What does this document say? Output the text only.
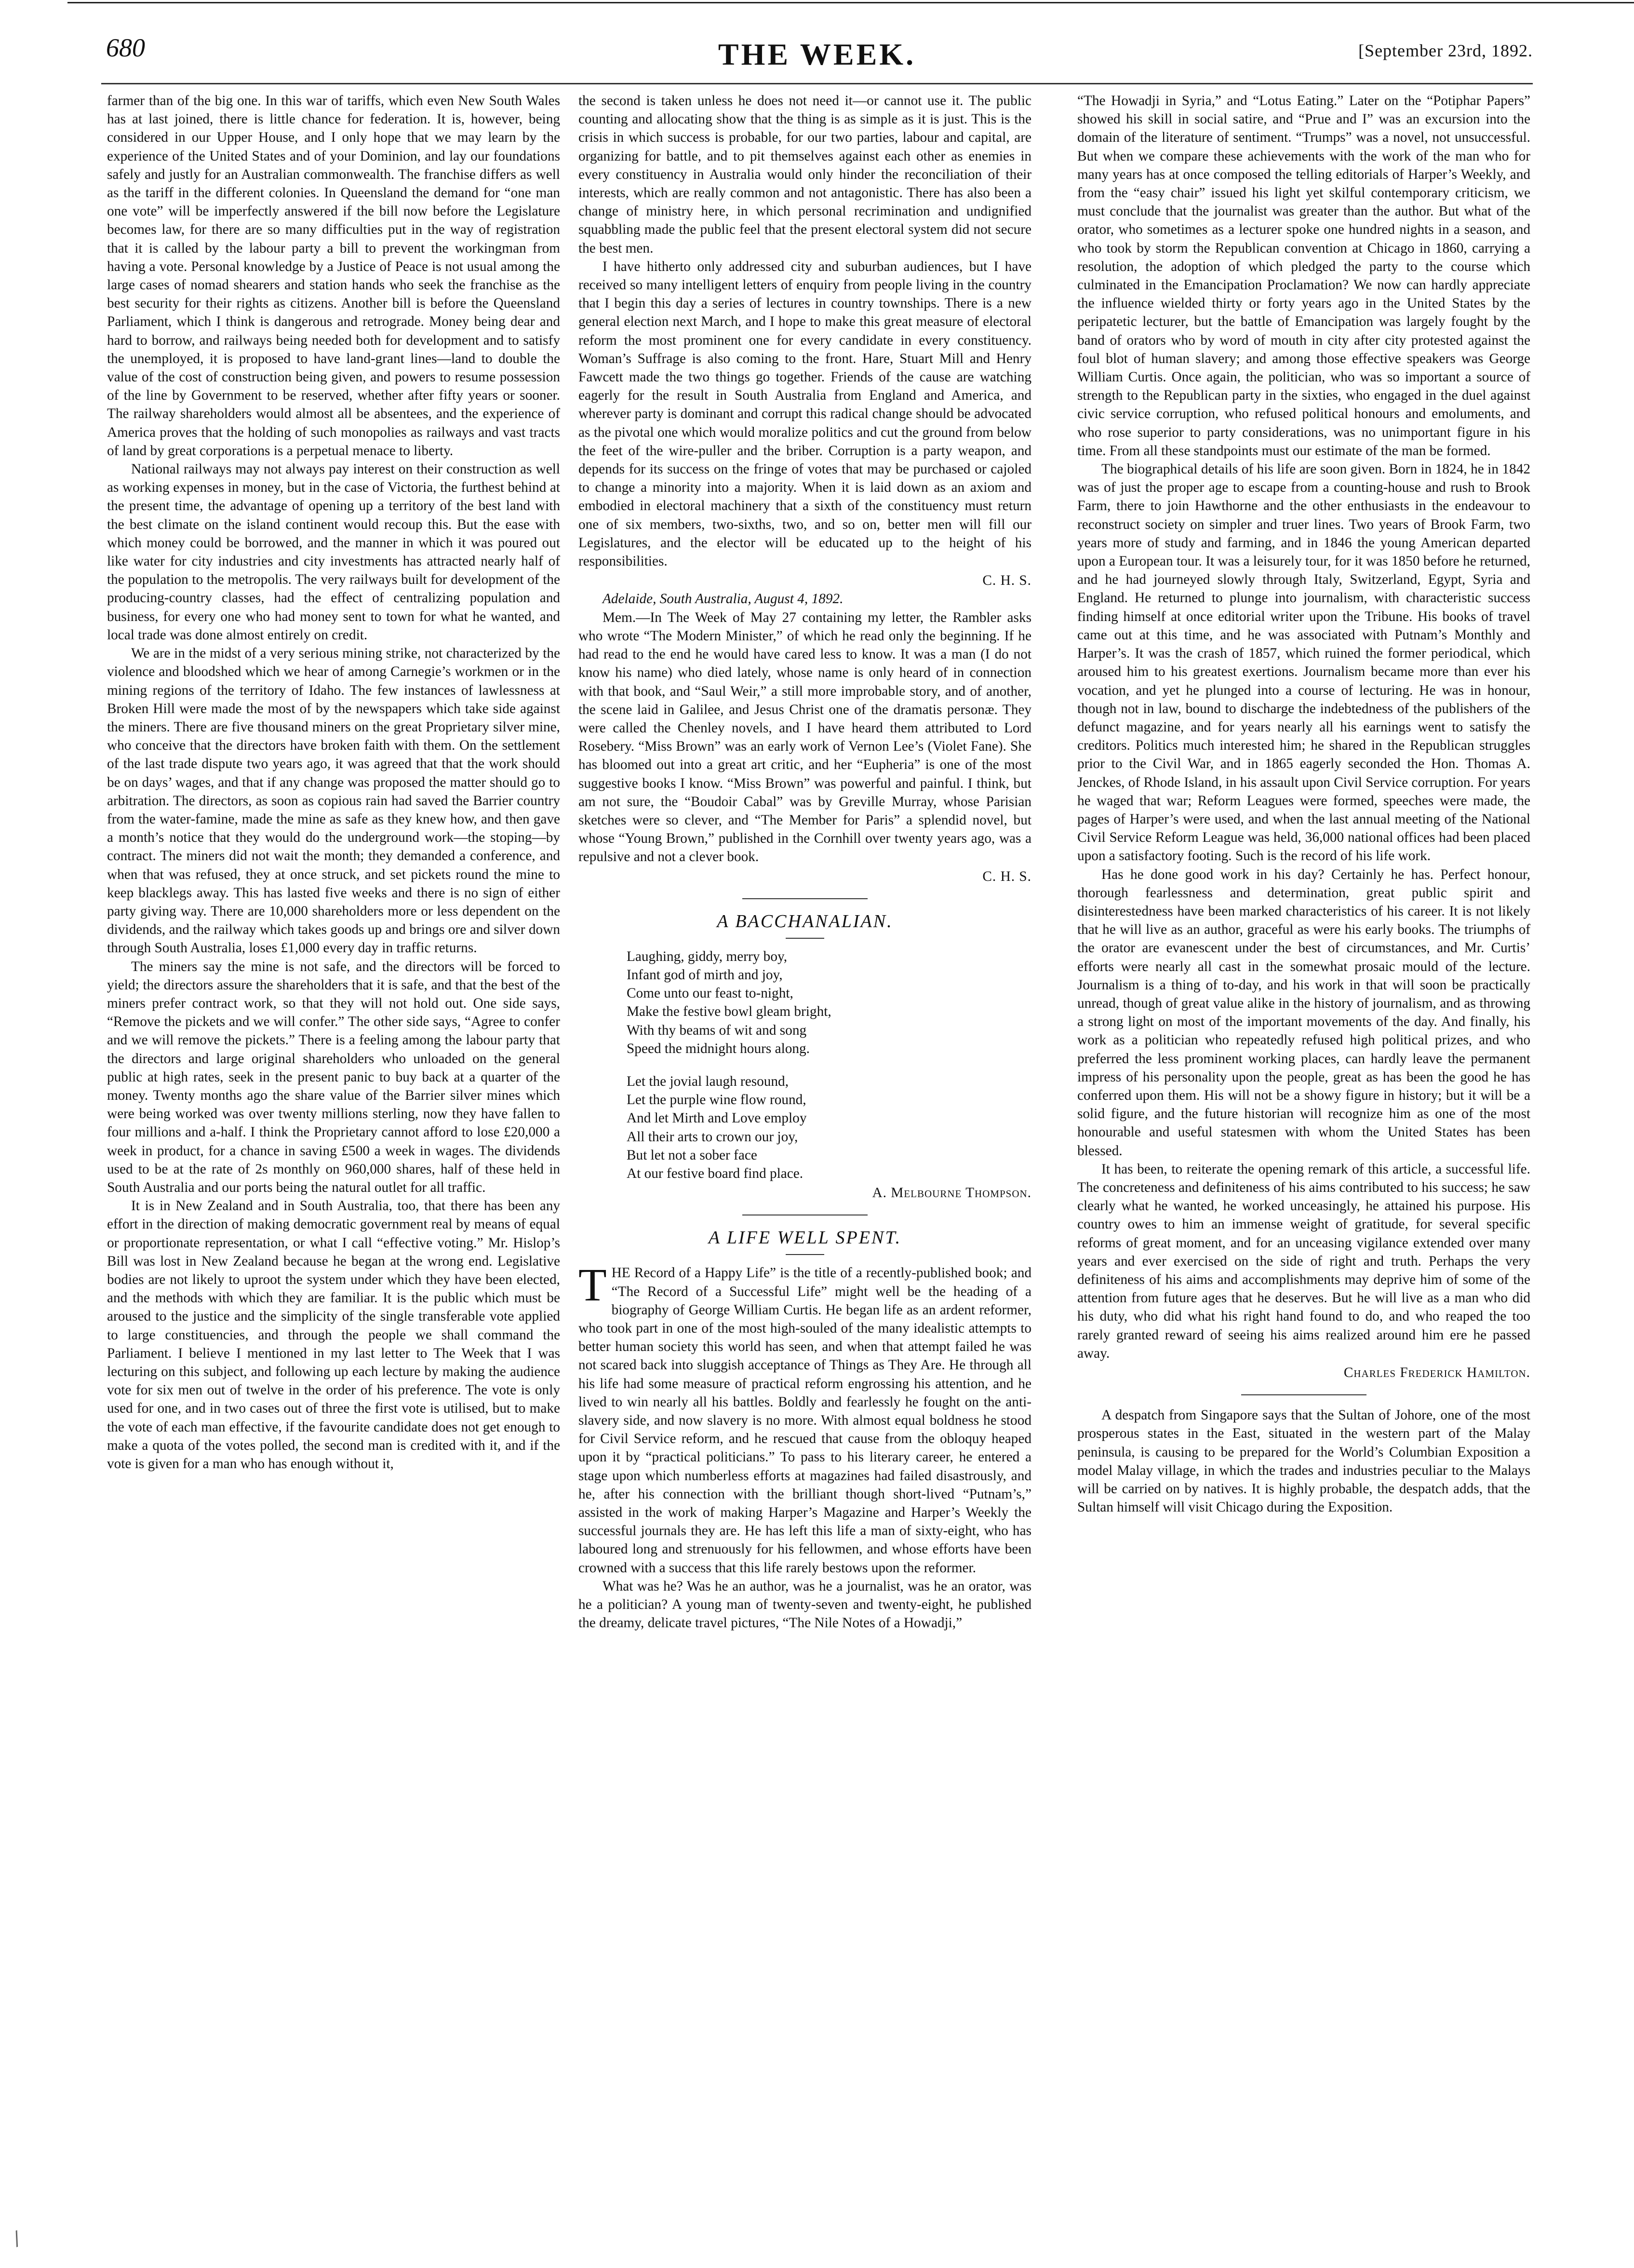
680	THE WEEK.	[September 23rd, 1892.

farmer than of the big one. In this war of tariffs, which even New South Wales has at last joined, there is little chance for federation. It is, however, being considered in our Upper House, and I only hope that we may learn by the experience of the United States and of your Dominion, and lay our foundations safely and justly for an Australian commonwealth. The franchise differs as well as the tariff in the different colonies. In Queensland the demand for “one man one vote” will be imperfectly answered if the bill now before the Legislature becomes law, for there are so many difficulties put in the way of registration that it is called by the labour party a bill to prevent the workingman from having a vote. Personal knowledge by a Justice of Peace is not usual among the large cases of nomad shearers and station hands who seek the franchise as the best security for their rights as citizens. Another bill is before the Queensland Parliament, which I think is dangerous and retrograde. Money being dear and hard to borrow, and railways being needed both for development and to satisfy the unemployed, it is proposed to have land-grant lines—land to double the value of the cost of construction being given, and powers to resume possession of the line by Government to be reserved, whether after fifty years or sooner. The railway shareholders would almost all be absentees, and the experience of America proves that the holding of such monopolies as railways and vast tracts of land by great corporations is a perpetual menace to liberty.

National railways may not always pay interest on their construction as well as working expenses in money, but in the case of Victoria, the furthest behind at the present time, the advantage of opening up a territory of the best land with the best climate on the island continent would recoup this. But the ease with which money could be borrowed, and the manner in which it was poured out like water for city industries and city investments has attracted nearly half of the population to the metropolis. The very railways built for development of the producing-country classes, had the effect of centralizing population and business, for every one who had money sent to town for what he wanted, and local trade was done almost entirely on credit.

We are in the midst of a very serious mining strike, not characterized by the violence and bloodshed which we hear of among Carnegie’s workmen or in the mining regions of the territory of Idaho. The few instances of lawlessness at Broken Hill were made the most of by the newspapers which take side against the miners. There are five thousand miners on the great Proprietary silver mine, who conceive that the directors have broken faith with them. On the settlement of the last trade dispute two years ago, it was agreed that that the work should be on days’ wages, and that if any change was proposed the matter should go to arbitration. The directors, as soon as copious rain had saved the Barrier country from the water-famine, made the mine as safe as they knew how, and then gave a month’s notice that they would do the underground work—the stoping—by contract. The miners did not wait the month; they demanded a conference, and when that was refused, they at once struck, and set pickets round the mine to keep blacklegs away. This has lasted five weeks and there is no sign of either party giving way. There are 10,000 shareholders more or less dependent on the dividends, and the railway which takes goods up and brings ore and silver down through South Australia, loses £1,000 every day in traffic returns.

The miners say the mine is not safe, and the directors will be forced to yield; the directors assure the shareholders that it is safe, and that the best of the miners prefer contract work, so that they will not hold out. One side says, “Remove the pickets and we will confer.” The other side says, “Agree to confer and we will remove the pickets.” There is a feeling among the labour party that the directors and large original shareholders who unloaded on the general public at high rates, seek in the present panic to buy back at a quarter of the money. Twenty months ago the share value of the Barrier silver mines which were being worked was over twenty millions sterling, now they have fallen to four millions and a-half. I think the Proprietary cannot afford to lose £20,000 a week in product, for a chance in saving £500 a week in wages. The dividends used to be at the rate of 2s monthly on 960,000 shares, half of these held in South Australia and our ports being the natural outlet for all traffic.

It is in New Zealand and in South Australia, too, that there has been any effort in the direction of making democratic government real by means of equal or proportionate representation, or what I call “effective voting.” Mr. Hislop’s Bill was lost in New Zealand because he began at the wrong end. Legislative bodies are not likely to uproot the system under which they have been elected, and the methods with which they are familiar. It is the public which must be aroused to the justice and the simplicity of the single transferable vote applied to large constituencies, and through the people we shall command the Parliament. I believe I mentioned in my last letter to The Week that I was lecturing on this subject, and following up each lecture by making the audience vote for six men out of twelve in the order of his preference. The vote is only used for one, and in two cases out of three the first vote is utilised, but to make the vote of each man effective, if the favourite candidate does not get enough to make a quota of the votes polled, the second man is credited with it, and if the vote is given for a man who has enough without it,

the second is taken unless he does not need it—or cannot use it. The public counting and allocating show that the thing is as simple as it is just. This is the crisis in which success is probable, for our two parties, labour and capital, are organizing for battle, and to pit themselves against each other as enemies in every constituency in Australia would only hinder the reconciliation of their interests, which are really common and not antagonistic. There has also been a change of ministry here, in which personal recrimination and undignified squabbling made the public feel that the present electoral system did not secure the best men.

I have hitherto only addressed city and suburban audiences, but I have received so many intelligent letters of enquiry from people living in the country that I begin this day a series of lectures in country townships. There is a new general election next March, and I hope to make this great measure of electoral reform the most prominent one for every candidate in every constituency. Woman’s Suffrage is also coming to the front. Hare, Stuart Mill and Henry Fawcett made the two things go together. Friends of the cause are watching eagerly for the result in South Australia from England and America, and wherever party is dominant and corrupt this radical change should be advocated as the pivotal one which would moralize politics and cut the ground from below the feet of the wire-puller and the briber. Corruption is a party weapon, and depends for its success on the fringe of votes that may be purchased or cajoled to change a minority into a majority. When it is laid down as an axiom and embodied in electoral machinery that a sixth of the constituency must return one of six members, two-sixths, two, and so on, better men will fill our Legislatures, and the elector will be educated up to the height of his responsibilities.

C. H. S.

Adelaide, South Australia, August 4, 1892.

Mem.—In The Week of May 27 containing my letter, the Rambler asks who wrote “The Modern Minister,” of which he read only the beginning. If he had read to the end he would have cared less to know. It was a man (I do not know his name) who died lately, whose name is only heard of in connection with that book, and “Saul Weir,” a still more improbable story, and of another, the scene laid in Galilee, and Jesus Christ one of the dramatis personæ. They were called the Chenley novels, and I have heard them attributed to Lord Rosebery. “Miss Brown” was an early work of Vernon Lee’s (Violet Fane). She has bloomed out into a great art critic, and her “Eupheria” is one of the most suggestive books I know. “Miss Brown” was powerful and painful. I think, but am not sure, the “Boudoir Cabal” was by Greville Murray, whose Parisian sketches were so clever, and “The Member for Paris” a splendid novel, but whose “Young Brown,” published in the Cornhill over twenty years ago, was a repulsive and not a clever book.

C. H. S.

A BACCHANALIAN.
Laughing, giddy, merry boy,
Infant god of mirth and joy,
Come unto our feast to-night,
Make the festive bowl gleam bright,
With thy beams of wit and song
Speed the midnight hours along.
Let the jovial laugh resound,
Let the purple wine flow round,
And let Mirth and Love employ
All their arts to crown our joy,
But let not a sober face
At our festive board find place.

A. Melbourne Thompson.

A LIFE WELL SPENT.

THE Record of a Happy Life” is the title of a recently-published book; and “The Record of a Successful Life” might well be the heading of a biography of George William Curtis. He began life as an ardent reformer, who took part in one of the most high-souled of the many idealistic attempts to better human society this world has seen, and when that attempt failed he was not scared back into sluggish acceptance of Things as They Are. He through all his life had some measure of practical reform engrossing his attention, and he lived to win nearly all his battles. Boldly and fearlessly he fought on the anti-slavery side, and now slavery is no more. With almost equal boldness he stood for Civil Service reform, and he rescued that cause from the obloquy heaped upon it by “practical politicians.” To pass to his literary career, he entered a stage upon which numberless efforts at magazines had failed disastrously, and he, after his connection with the brilliant though short-lived “Putnam’s,” assisted in the work of making Harper’s Magazine and Harper’s Weekly the successful journals they are. He has left this life a man of sixty-eight, who has laboured long and strenuously for his fellowmen, and whose efforts have been crowned with a success that this life rarely bestows upon the reformer.

What was he? Was he an author, was he a journalist, was he an orator, was he a politician? A young man of twenty-seven and twenty-eight, he published the dreamy, delicate travel pictures, “The Nile Notes of a Howadji,”

“The Howadji in Syria,” and “Lotus Eating.” Later on the “Potiphar Papers” showed his skill in social satire, and “Prue and I” was an excursion into the domain of the literature of sentiment. “Trumps” was a novel, not unsuccessful. But when we compare these achievements with the work of the man who for many years has at once composed the telling editorials of Harper’s Weekly, and from the “easy chair” issued his light yet skilful contemporary criticism, we must conclude that the journalist was greater than the author. But what of the orator, who sometimes as a lecturer spoke one hundred nights in a season, and who took by storm the Republican convention at Chicago in 1860, carrying a resolution, the adoption of which pledged the party to the course which culminated in the Emancipation Proclamation? We now can hardly appreciate the influence wielded thirty or forty years ago in the United States by the peripatetic lecturer, but the battle of Emancipation was largely fought by the band of orators who by word of mouth in city after city protested against the foul blot of human slavery; and among those effective speakers was George William Curtis. Once again, the politician, who was so important a source of strength to the Republican party in the sixties, who engaged in the duel against civic service corruption, who refused political honours and emoluments, and who rose superior to party considerations, was no unimportant figure in his time. From all these standpoints must our estimate of the man be formed.

The biographical details of his life are soon given. Born in 1824, he in 1842 was of just the proper age to escape from a counting-house and rush to Brook Farm, there to join Hawthorne and the other enthusiasts in the endeavour to reconstruct society on simpler and truer lines. Two years of Brook Farm, two years more of study and farming, and in 1846 the young American departed upon a European tour. It was a leisurely tour, for it was 1850 before he returned, and he had journeyed slowly through Italy, Switzerland, Egypt, Syria and England. He returned to plunge into journalism, with characteristic success finding himself at once editorial writer upon the Tribune. His books of travel came out at this time, and he was associated with Putnam’s Monthly and Harper’s. It was the crash of 1857, which ruined the former periodical, which aroused him to his greatest exertions. Journalism became more than ever his vocation, and yet he plunged into a course of lecturing. He was in honour, though not in law, bound to discharge the indebtedness of the publishers of the defunct magazine, and for years nearly all his earnings went to satisfy the creditors. Politics much interested him; he shared in the Republican struggles prior to the Civil War, and in 1865 eagerly seconded the Hon. Thomas A. Jenckes, of Rhode Island, in his assault upon Civil Service corruption. For years he waged that war; Reform Leagues were formed, speeches were made, the pages of Harper’s were used, and when the last annual meeting of the National Civil Service Reform League was held, 36,000 national offices had been placed upon a satisfactory footing. Such is the record of his life work.

Has he done good work in his day? Certainly he has. Perfect honour, thorough fearlessness and determination, great public spirit and disinterestedness have been marked characteristics of his career. It is not likely that he will live as an author, graceful as were his early books. The triumphs of the orator are evanescent under the best of circumstances, and Mr. Curtis’ efforts were nearly all cast in the somewhat prosaic mould of the lecture. Journalism is a thing of to-day, and his work in that will soon be practically unread, though of great value alike in the history of journalism, and as throwing a strong light on most of the important movements of the day. And finally, his work as a politician who repeatedly refused high political prizes, and who preferred the less prominent working places, can hardly leave the permanent impress of his personality upon the people, great as has been the good he has conferred upon them. His will not be a showy figure in history; but it will be a solid figure, and the future historian will recognize him as one of the most honourable and useful statesmen with whom the United States has been blessed.

It has been, to reiterate the opening remark of this article, a successful life. The concreteness and definiteness of his aims contributed to his success; he saw clearly what he wanted, he worked unceasingly, he attained his purpose. His country owes to him an immense weight of gratitude, for several specific reforms of great moment, and for an unceasing vigilance extended over many years and ever exercised on the side of right and truth. Perhaps the very definiteness of his aims and accomplishments may deprive him of some of the attention from future ages that he deserves. But he will live as a man who did his duty, who did what his right hand found to do, and who reaped the too rarely granted reward of seeing his aims realized around him ere he passed away.

Charles Frederick Hamilton.

A despatch from Singapore says that the Sultan of Johore, one of the most prosperous states in the East, situated in the western part of the Malay peninsula, is causing to be prepared for the World’s Columbian Exposition a model Malay village, in which the trades and industries peculiar to the Malays will be carried on by natives. It is highly probable, the despatch adds, that the Sultan himself will visit Chicago during the Exposition.

/
